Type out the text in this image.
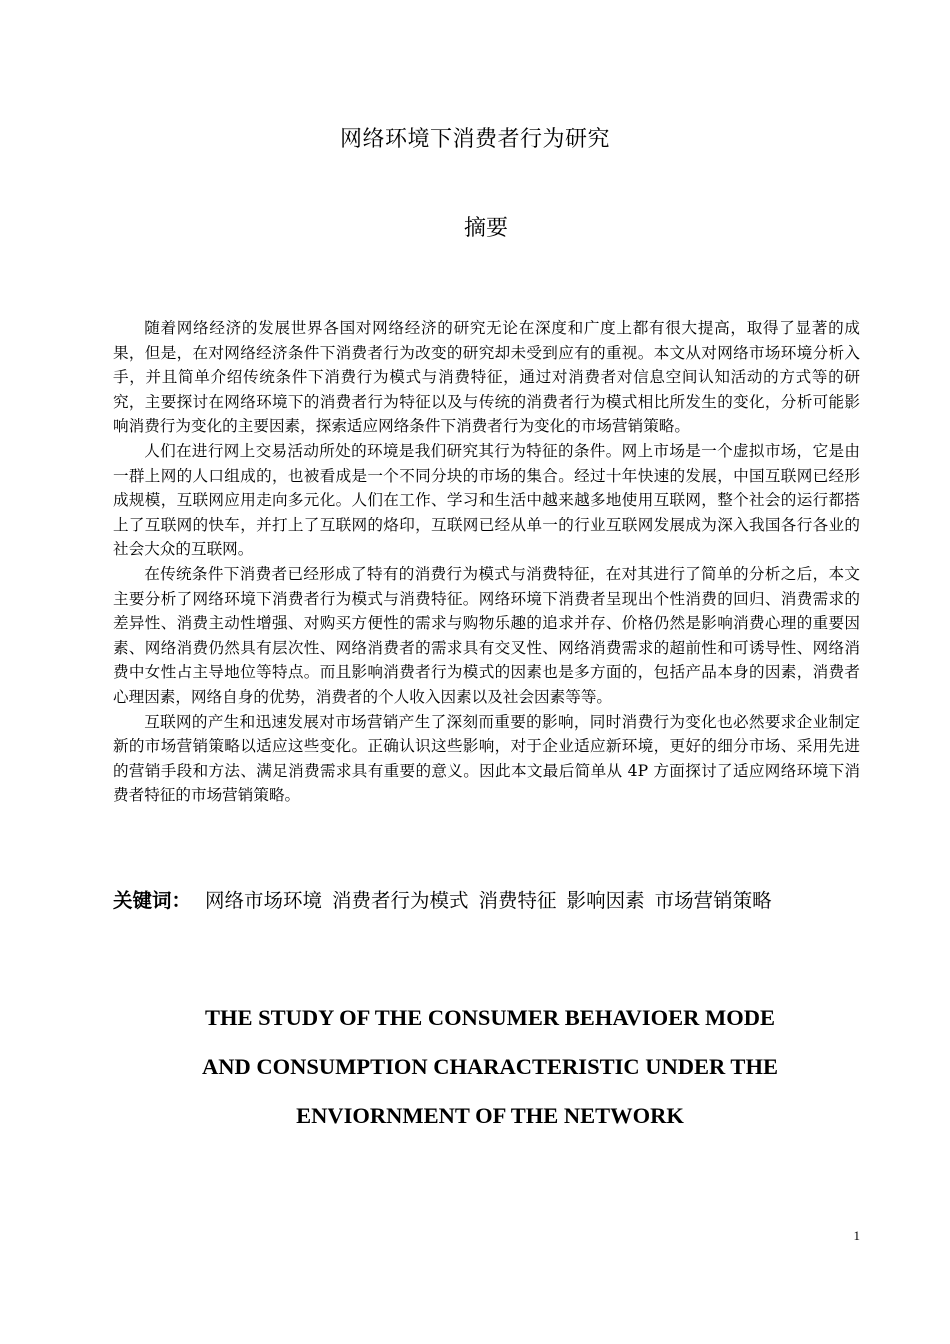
网络环境下消费者行为研究
摘要

随着网络经济的发展世界各国对网络经济的研究无论在深度和广度上都有很大提高，取得了显著的成果，但是，在对网络经济条件下消费者行为改变的研究却未受到应有的重视。本文从对网络市场环境分析入手，并且简单介绍传统条件下消费行为模式与消费特征，通过对消费者对信息空间认知活动的方式等的研究，主要探讨在网络环境下的消费者行为特征以及与传统的消费者行为模式相比所发生的变化，分析可能影响消费行为变化的主要因素，探索适应网络条件下消费者行为变化的市场营销策略。

人们在进行网上交易活动所处的环境是我们研究其行为特征的条件。网上市场是一个虚拟市场，它是由一群上网的人口组成的，也被看成是一个不同分块的市场的集合。经过十年快速的发展，中国互联网已经形成规模，互联网应用走向多元化。人们在工作、学习和生活中越来越多地使用互联网，整个社会的运行都搭上了互联网的快车，并打上了互联网的烙印，互联网已经从单一的行业互联网发展成为深入我国各行各业的社会大众的互联网。

在传统条件下消费者已经形成了特有的消费行为模式与消费特征，在对其进行了简单的分析之后，本文主要分析了网络环境下消费者行为模式与消费特征。网络环境下消费者呈现出个性消费的回归、消费需求的差异性、消费主动性增强、对购买方便性的需求与购物乐趣的追求并存、价格仍然是影响消费心理的重要因素、网络消费仍然具有层次性、网络消费者的需求具有交叉性、网络消费需求的超前性和可诱导性、网络消费中女性占主导地位等特点。而且影响消费者行为模式的因素也是多方面的，包括产品本身的因素，消费者心理因素，网络自身的优势，消费者的个人收入因素以及社会因素等等。

互联网的产生和迅速发展对市场营销产生了深刻而重要的影响，同时消费行为变化也必然要求企业制定新的市场营销策略以适应这些变化。正确认识这些影响，对于企业适应新环境，更好的细分市场、采用先进的营销手段和方法、满足消费需求具有重要的意义。因此本文最后简单从 4P 方面探讨了适应网络环境下消费者特征的市场营销策略。

关键词： 网络市场环境 消费者行为模式 消费特征 影响因素 市场营销策略
THE STUDY OF THE CONSUMER BEHAVIOER MODE
AND CONSUMPTION CHARACTERISTIC UNDER THE
ENVIORNMENT OF THE NETWORK
1
